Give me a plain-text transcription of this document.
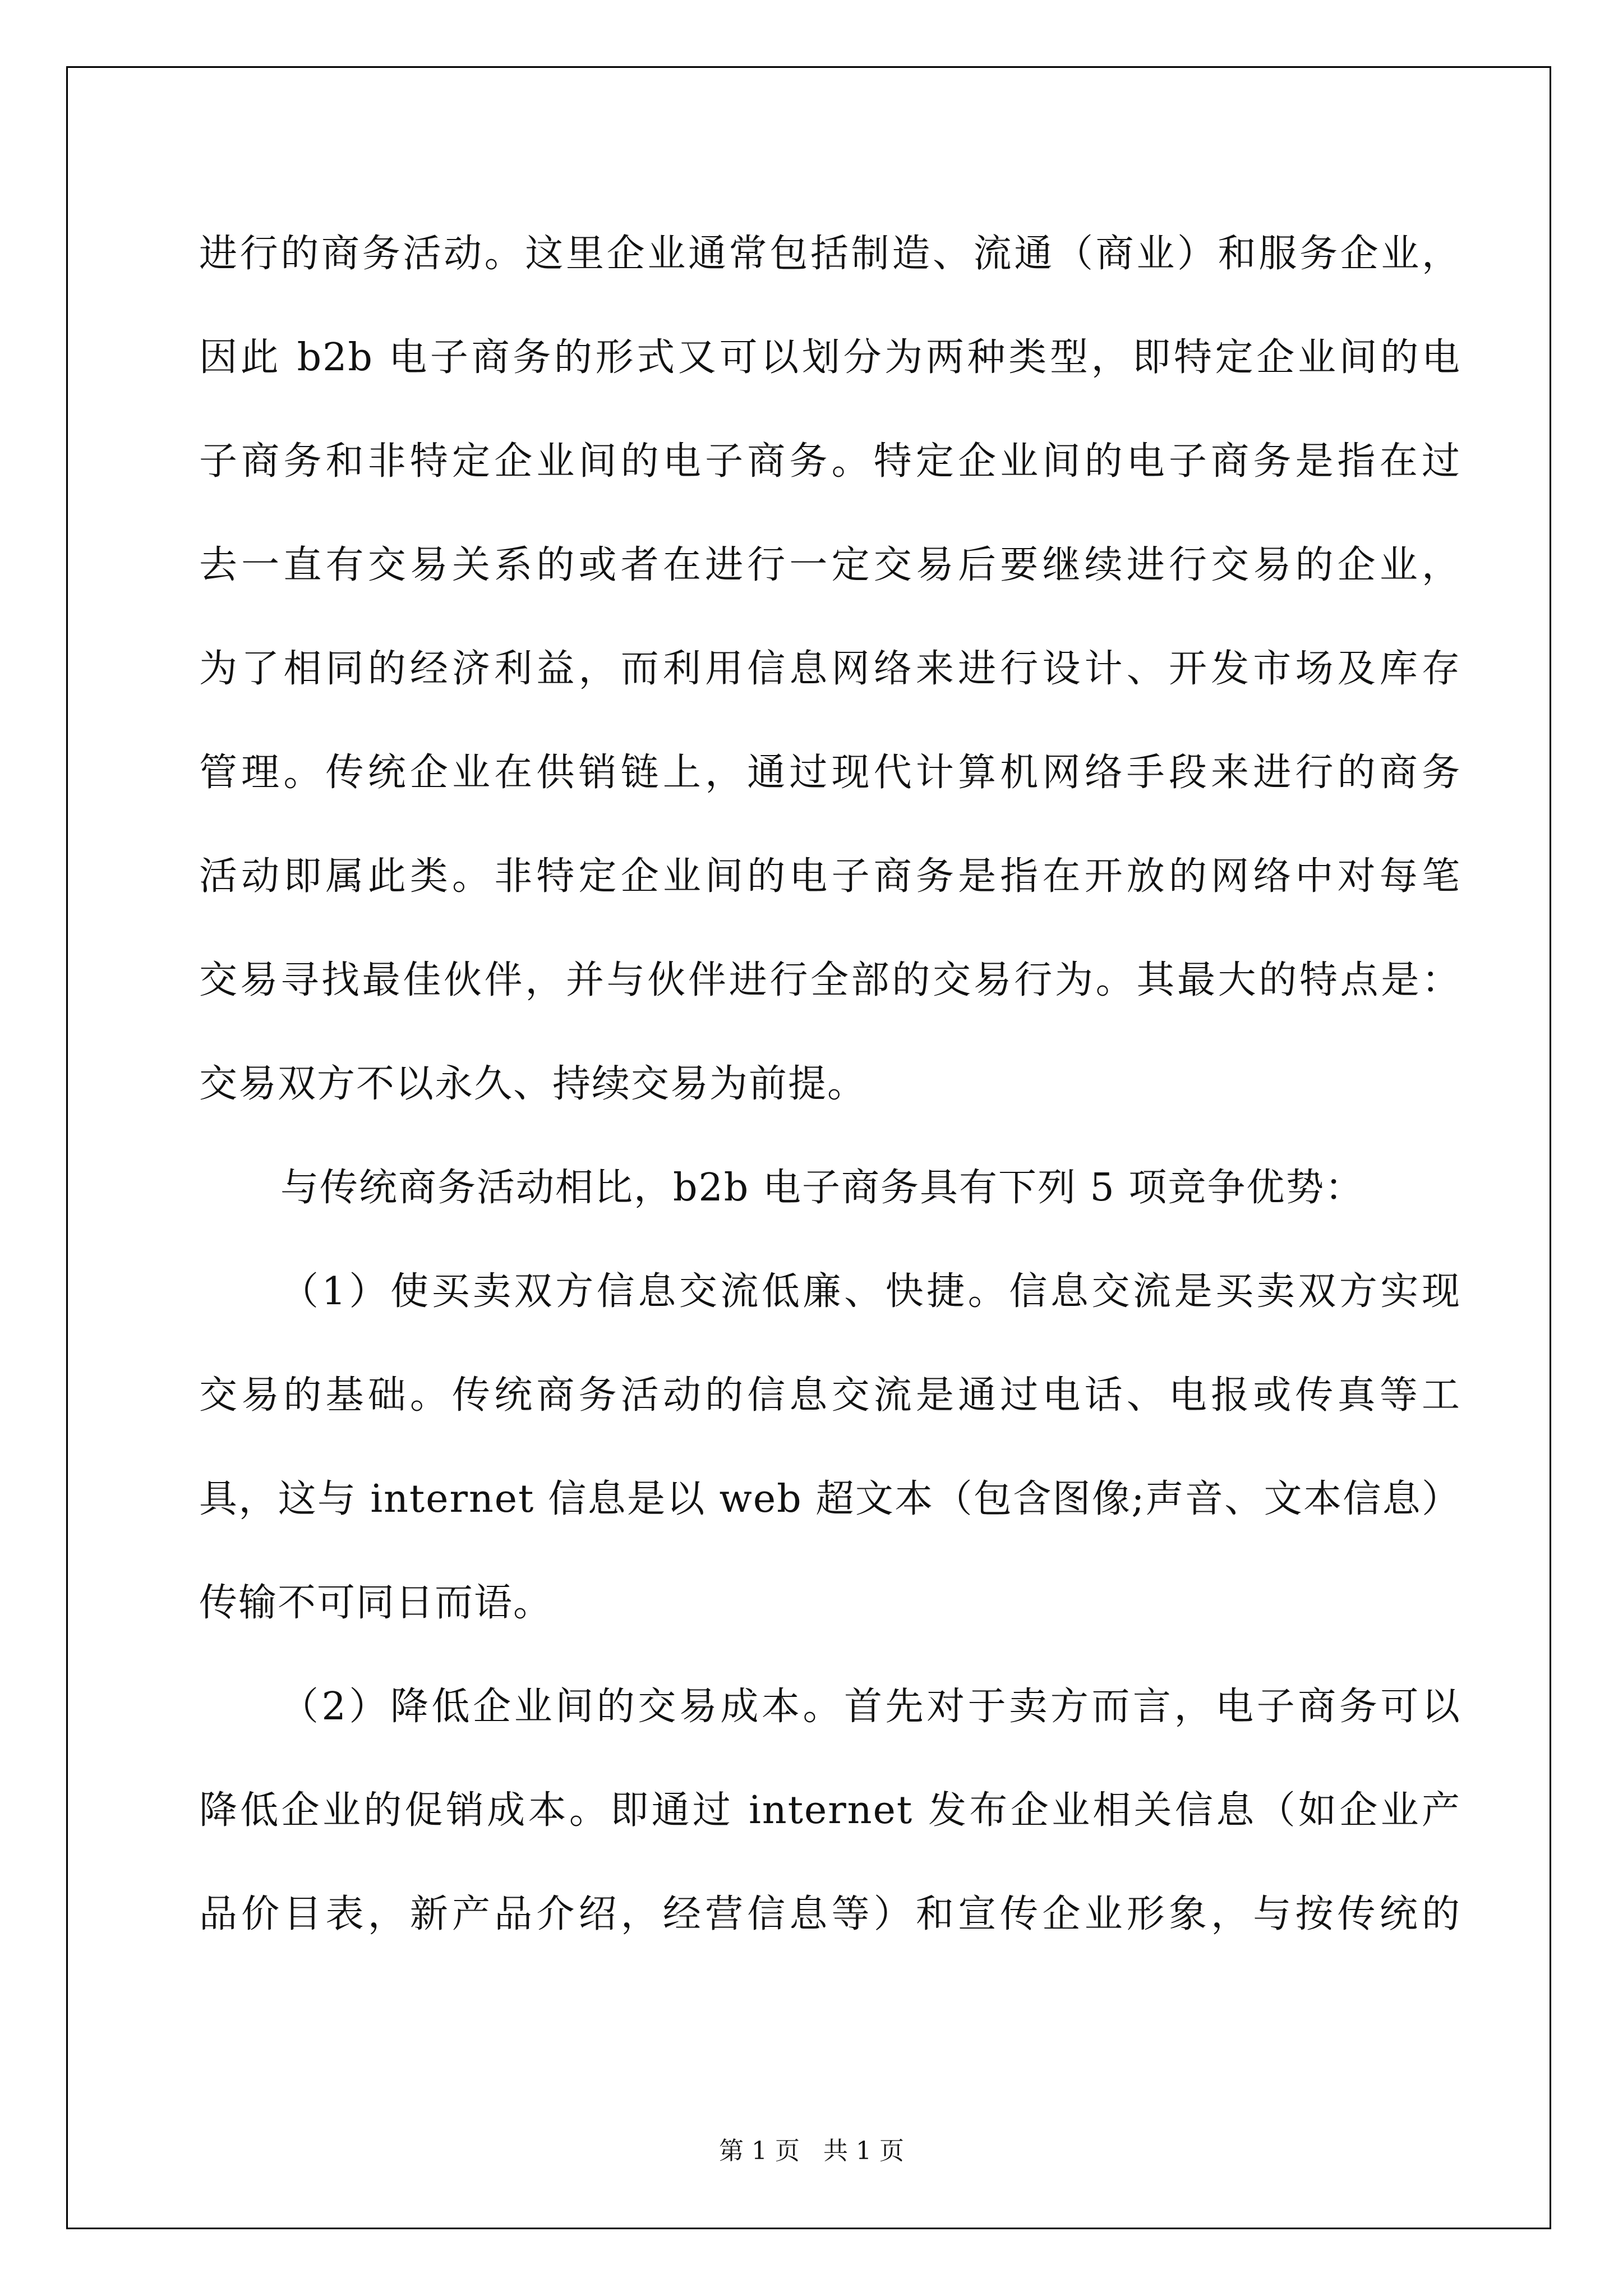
进行的商务活动。这里企业通常包括制造、流通（商业）和服务企业，
因此 b2b 电子商务的形式又可以划分为两种类型，即特定企业间的电
子商务和非特定企业间的电子商务。特定企业间的电子商务是指在过
去一直有交易关系的或者在进行一定交易后要继续进行交易的企业，
为了相同的经济利益，而利用信息网络来进行设计、开发市场及库存
管理。传统企业在供销链上，通过现代计算机网络手段来进行的商务
活动即属此类。非特定企业间的电子商务是指在开放的网络中对每笔
交易寻找最佳伙伴，并与伙伴进行全部的交易行为。其最大的特点是：
交易双方不以永久、持续交易为前提。
与传统商务活动相比，b2b 电子商务具有下列 5 项竞争优势：
（1）使买卖双方信息交流低廉、快捷。信息交流是买卖双方实现
交易的基础。传统商务活动的信息交流是通过电话、电报或传真等工
具，这与 internet 信息是以 web 超文本（包含图像;声音、文本信息）
传输不可同日而语。
（2）降低企业间的交易成本。首先对于卖方而言，电子商务可以
降低企业的促销成本。即通过 internet 发布企业相关信息（如企业产
品价目表，新产品介绍，经营信息等）和宣传企业形象，与按传统的
第 1 页   共 1 页
